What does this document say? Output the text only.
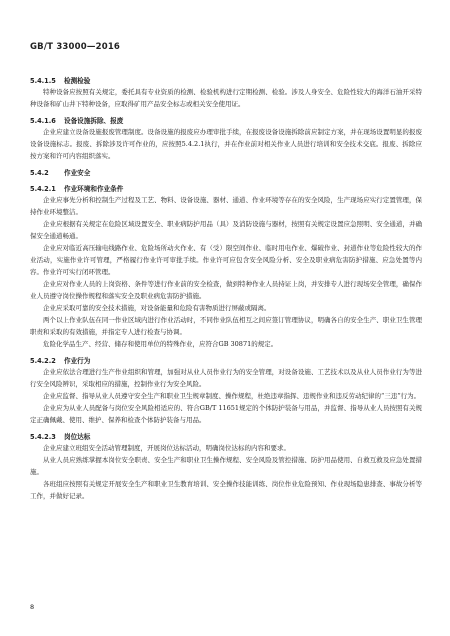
GB/T 33000—2016
5.4.1.5 检测检验

特种设备应按照有关规定，委托具有专业资质的检测、检验机构进行定期检测、检验。涉及人身安全、危险性较大的海洋石油开采特种设备和矿山井下特种设备，应取得矿用产品安全标志或相关安全使用证。

5.4.1.6 设备设施拆除、报废

企业应建立设备设施报废管理制度。设备设施的报废应办理审批手续，在报废设备设施拆除前应制定方案，并在现场设置明显的报废设备设施标志。报废、拆除涉及许可作业的，应按照5.4.2.1执行，并在作业前对相关作业人员进行培训和安全技术交底。报废、拆除应按方案和许可内容组织落实。

5.4.2 作业安全
5.4.2.1 作业环境和作业条件

企业应事先分析和控制生产过程及工艺、物料、设备设施、器材、通道、作业环境等存在的安全风险，生产现场应实行定置管理，保持作业环境整洁。

企业应根据有关规定在危险区域设置安全、职业病防护用品（具）及消防设施与器材，按照有关规定设置应急照明、安全通道，并确保安全通道畅通。

企业应对临近高压输电线路作业、危险场所动火作业、有（受）限空间作业、临时用电作业、爆破作业、封道作业等危险性较大的作业活动，实施作业许可管理，严格履行作业许可审批手续。作业许可应包含安全风险分析、安全及职业病危害防护措施、应急处置等内容。作业许可实行闭环管理。

企业应对作业人员的上岗资格、条件等进行作业前的安全检查，做到特种作业人员持证上岗，并安排专人进行现场安全管理，确保作业人员遵守岗位操作规程和落实安全及职业病危害防护措施。

企业应采取可靠的安全技术措施，对设备能量和危险有害物质进行屏蔽或隔离。

两个以上作业队伍在同一作业区域内进行作业活动时，不同作业队伍相互之间应签订管理协议，明确各自的安全生产、职业卫生管理职责和采取的有效措施，并指定专人进行检查与协调。

危险化学品生产、经营、储存和使用单位的特殊作业，应符合GB 30871的规定。

5.4.2.2 作业行为

企业应依法合理进行生产作业组织和管理，加强对从业人员作业行为的安全管理，对设备设施、工艺技术以及从业人员作业行为等进行安全风险辨识，采取相应的措施，控制作业行为安全风险。

企业应监督、指导从业人员遵守安全生产和职业卫生规章制度、操作规程，杜绝违章指挥、违规作业和违反劳动纪律的“三违”行为。

企业应为从业人员配备与岗位安全风险相适应的、符合GB/T 11651规定的个体防护装备与用品，并监督、指导从业人员按照有关规定正确佩戴、使用、维护、保养和检查个体防护装备与用品。

5.4.2.3 岗位达标

企业应建立班组安全活动管理制度，开展岗位达标活动，明确岗位达标的内容和要求。

从业人员应熟练掌握本岗位安全职责、安全生产和职业卫生操作规程、安全风险及管控措施、防护用品使用、自救互救及应急处置措施。

各班组应按照有关规定开展安全生产和职业卫生教育培训、安全操作技能训练、岗位作业危险预知、作业现场隐患排查、事故分析等工作，并做好记录。

8
